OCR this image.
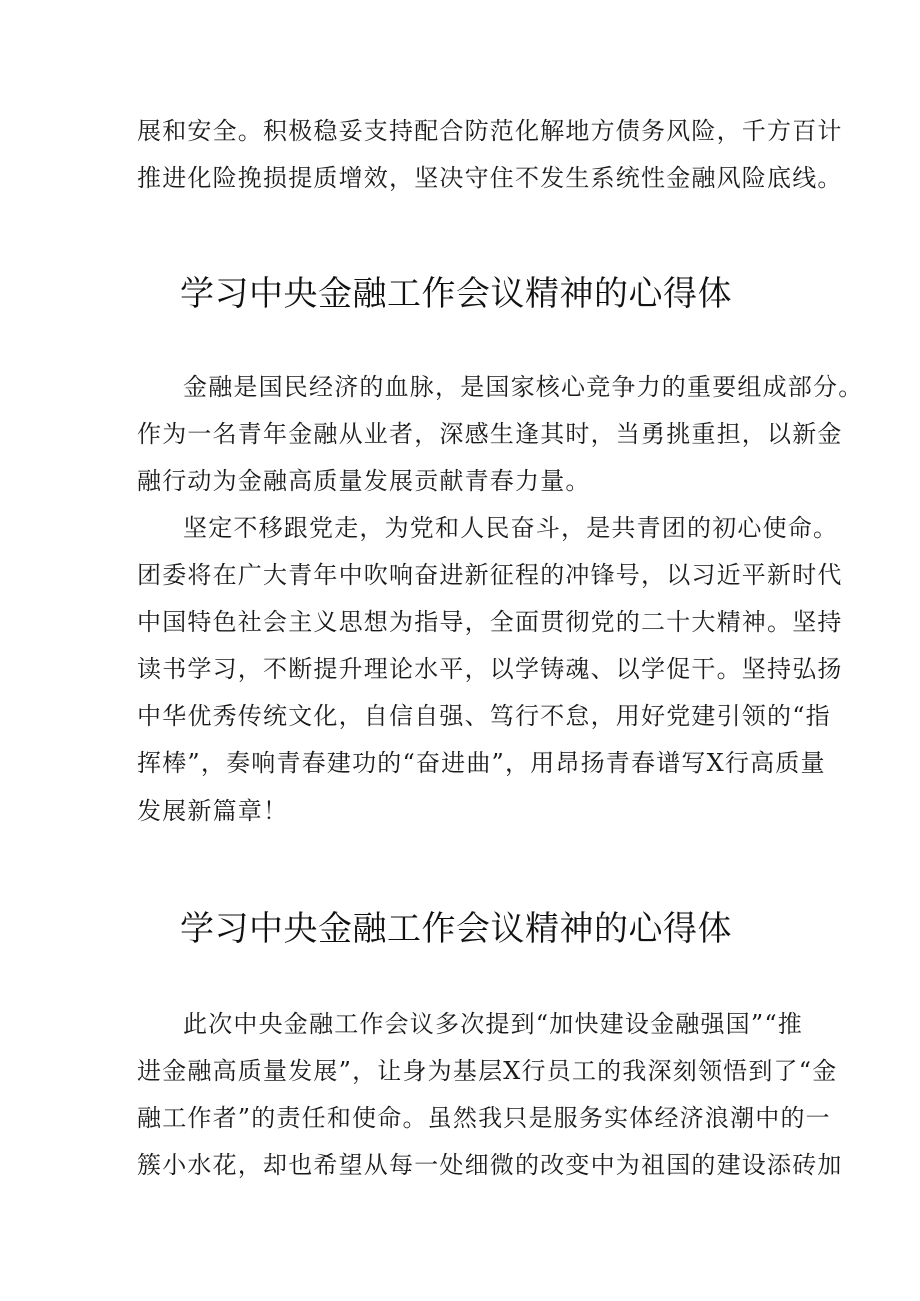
展和安全。积极稳妥支持配合防范化解地方债务风险，千方百计
推进化险挽损提质增效，坚决守住不发生系统性金融风险底线。
学习中央金融工作会议精神的心得体
金融是国民经济的血脉，是国家核心竞争力的重要组成部分。
作为一名青年金融从业者，深感生逢其时，当勇挑重担，以新金
融行动为金融高质量发展贡献青春力量。
坚定不移跟党走，为党和人民奋斗，是共青团的初心使命。
团委将在广大青年中吹响奋进新征程的冲锋号，以习近平新时代
中国特色社会主义思想为指导，全面贯彻党的二十大精神。坚持
读书学习，不断提升理论水平，以学铸魂、以学促干。坚持弘扬
中华优秀传统文化，自信自强、笃行不怠，用好党建引领的“指
挥棒”，奏响青春建功的“奋进曲”，用昂扬青春谱写X行高质量
发展新篇章！
学习中央金融工作会议精神的心得体
此次中央金融工作会议多次提到“加快建设金融强国”“推
进金融高质量发展”，让身为基层X行员工的我深刻领悟到了“金
融工作者”的责任和使命。虽然我只是服务实体经济浪潮中的一
簇小水花，却也希望从每一处细微的改变中为祖国的建设添砖加
